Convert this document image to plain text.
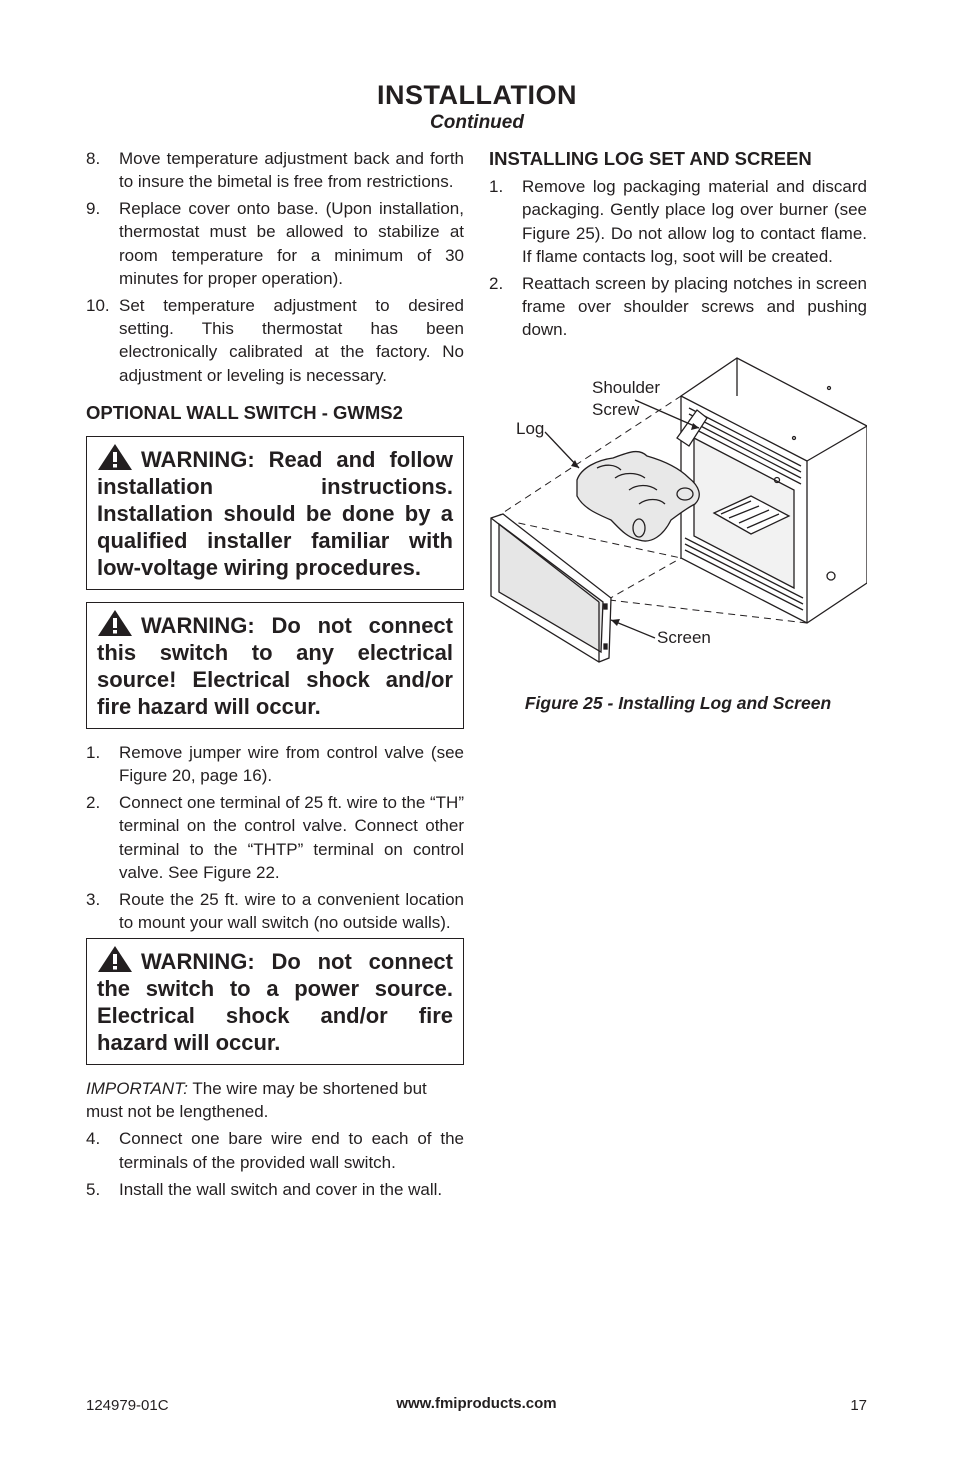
INSTALLATION
Continued
8.	Move temperature adjustment back and forth to insure the bimetal is free from restrictions.
9.	Replace cover onto base. (Upon installation, thermostat must be allowed to stabilize at room temperature for a minimum of 30 minutes for proper operation).
10. Set temperature adjustment to desired setting. This thermostat has been electronically calibrated at the factory. No adjustment or leveling is necessary.
OPTIONAL WALL SWITCH - GWMS2
WARNING: Read and follow installation instructions. Installation should be done by a qualified installer familiar with low-voltage wiring procedures.
WARNING: Do not connect this switch to any electrical source! Electrical shock and/or fire hazard will occur.
1.	Remove jumper wire from control valve (see Figure 20, page 16).
2.	Connect one terminal of 25 ft. wire to the “TH” terminal on the control valve. Connect other terminal to the “THTP” terminal on control valve. See Figure 22.
3.	Route the 25 ft. wire to a convenient location to mount your wall switch (no outside walls).
WARNING: Do not connect the switch to a power source. Electrical shock and/or fire hazard will occur.
IMPORTANT: The wire may be shortened but must not be lengthened.
4.	Connect one bare wire end to each of the terminals of the provided wall switch.
5.	Install the wall switch and cover in the wall.
INSTALLING LOG SET AND SCREEN
1.	Remove log packaging material and discard packaging. Gently place log over burner (see Figure 25). Do not allow log to contact flame. If flame contacts log, soot will be created.
2.	Reattach screen by placing notches in screen frame over shoulder screws and pushing down.
Shoulder
Screw
Log
Screen
Figure 25 - Installing Log and Screen
124979-01C	www.fmiproducts.com	17
